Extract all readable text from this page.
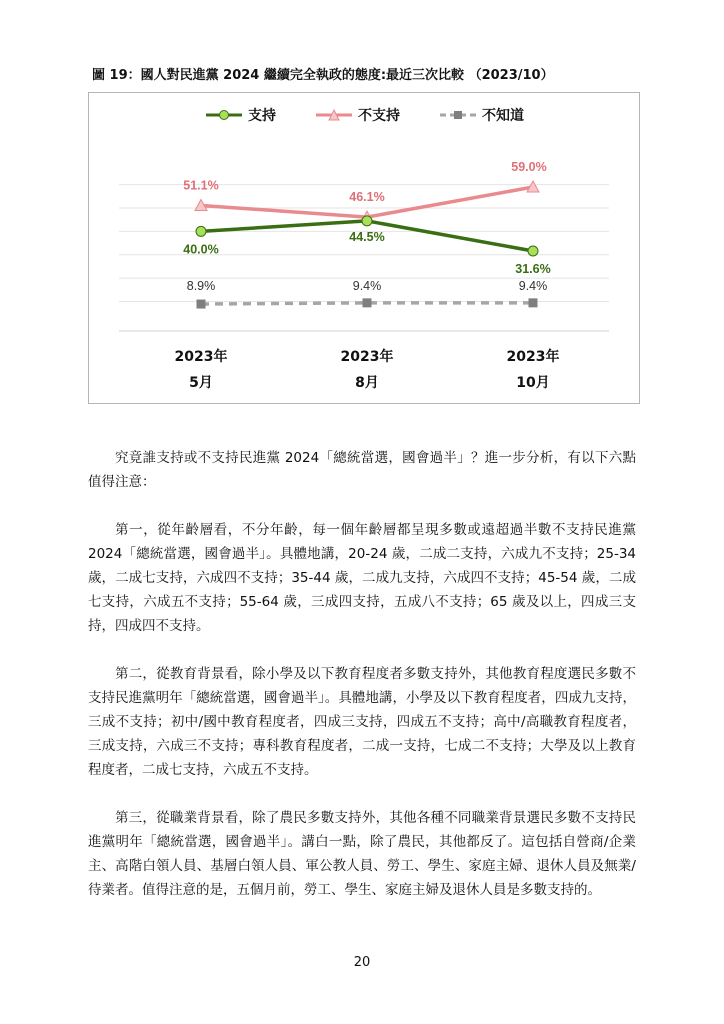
圖 19：國人對民進黨 2024 繼續完全執政的態度:最近三次比較 （2023/10）
8.9%	9.4%	9.4%
51.1%
46.1%
59.0%
40.0%
44.5%
31.6%
2023年
5月
2023年
8月
2023年
10月
支持	不支持	不知道

究竟誰支持或不支持民進黨 2024「總統當選，國會過半」？進一步分析，有以下六點值得注意：

第一，從年齡層看，不分年齡，每一個年齡層都呈現多數或遠超過半數不支持民進黨 2024「總統當選，國會過半」。具體地講，20-24 歲，二成二支持，六成九不支持；25-34 歲，二成七支持，六成四不支持；35-44 歲，二成九支持，六成四不支持；45-54 歲，二成七支持，六成五不支持；55-64 歲，三成四支持，五成八不支持；65 歲及以上，四成三支持，四成四不支持。

第二，從教育背景看，除小學及以下教育程度者多數支持外，其他教育程度選民多數不支持民進黨明年「總統當選，國會過半」。具體地講，小學及以下教育程度者，四成九支持，三成不支持；初中/國中教育程度者，四成三支持，四成五不支持；高中/高職教育程度者，三成支持，六成三不支持；專科教育程度者，二成一支持，七成二不支持；大學及以上教育程度者，二成七支持，六成五不支持。

第三，從職業背景看，除了農民多數支持外，其他各種不同職業背景選民多數不支持民進黨明年「總統當選，國會過半」。講白一點，除了農民，其他都反了。這包括自營商/企業主、高階白領人員、基層白領人員、軍公教人員、勞工、學生、家庭主婦、退休人員及無業/待業者。值得注意的是，五個月前，勞工、學生、家庭主婦及退休人員是多數支持的。

20
